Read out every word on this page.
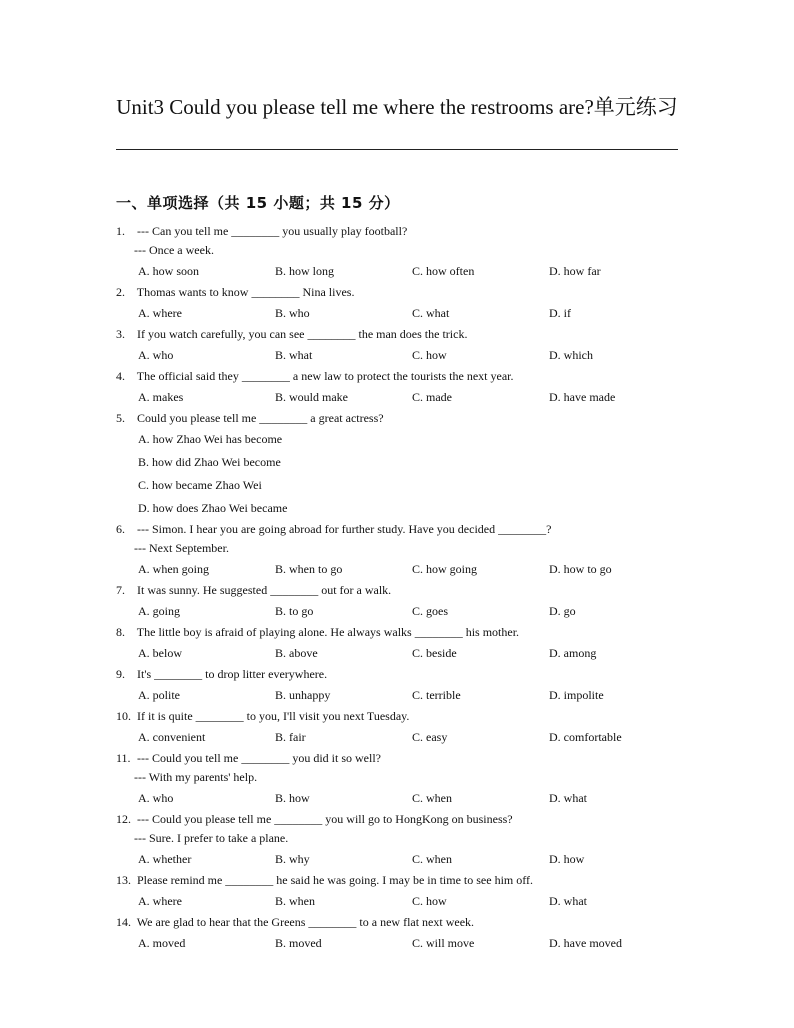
Unit3 Could you please tell me where the restrooms are?单元练习
一、单项选择（共 15 小题；共 15 分）
1. --- Can you tell me ________ you usually play football?
--- Once a week.
A. how soon	B. how long	C. how often	D. how far
2. Thomas wants to know ________ Nina lives.
A. where	B. who	C. what	D. if
3. If you watch carefully, you can see ________ the man does the trick.
A. who	B. what	C. how	D. which
4. The official said they ________ a new law to protect the tourists the next year.
A. makes	B. would make	C. made	D. have made
5. Could you please tell me ________ a great actress?
A. how Zhao Wei has become
B. how did Zhao Wei become
C. how became Zhao Wei
D. how does Zhao Wei became
6. --- Simon. I hear you are going abroad for further study. Have you decided ________?
--- Next September.
A. when going	B. when to go	C. how going	D. how to go
7. It was sunny. He suggested ________ out for a walk.
A. going	B. to go	C. goes	D. go
8. The little boy is afraid of playing alone. He always walks ________ his mother.
A. below	B. above	C. beside	D. among
9. It's ________ to drop litter everywhere.
A. polite	B. unhappy	C. terrible	D. impolite
10. If it is quite ________ to you, I'll visit you next Tuesday.
A. convenient	B. fair	C. easy	D. comfortable
11. --- Could you tell me ________ you did it so well?
--- With my parents' help.
A. who	B. how	C. when	D. what
12. --- Could you please tell me ________ you will go to HongKong on business?
--- Sure. I prefer to take a plane.
A. whether	B. why	C. when	D. how
13. Please remind me ________ he said he was going. I may be in time to see him off.
A. where	B. when	C. how	D. what
14. We are glad to hear that the Greens ________ to a new flat next week.
A. moved	B. moved	C. will move	D. have moved
